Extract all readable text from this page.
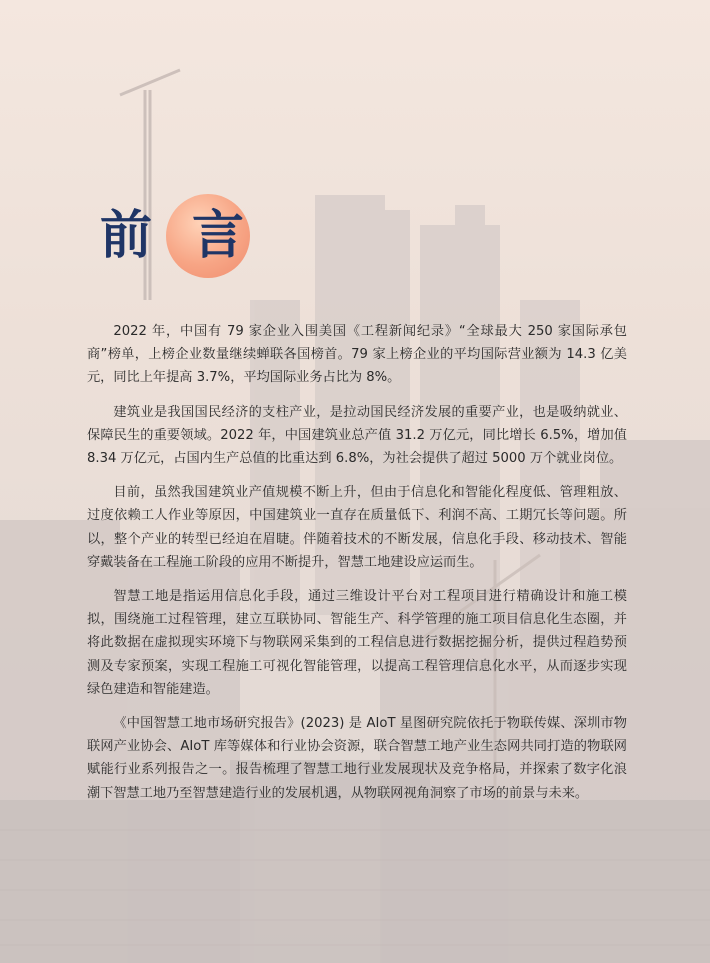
前 言

2022 年，中国有 79 家企业入围美国《工程新闻纪录》“全球最大 250 家国际承包商”榜单，上榜企业数量继续蝉联各国榜首。79 家上榜企业的平均国际营业额为 14.3 亿美元，同比上年提高 3.7%，平均国际业务占比为 8%。

建筑业是我国国民经济的支柱产业，是拉动国民经济发展的重要产业，也是吸纳就业、保障民生的重要领域。2022 年，中国建筑业总产值 31.2 万亿元，同比增长 6.5%，增加值 8.34 万亿元，占国内生产总值的比重达到 6.8%，为社会提供了超过 5000 万个就业岗位。

目前，虽然我国建筑业产值规模不断上升，但由于信息化和智能化程度低、管理粗放、过度依赖工人作业等原因，中国建筑业一直存在质量低下、利润不高、工期冗长等问题。所以，整个产业的转型已经迫在眉睫。伴随着技术的不断发展，信息化手段、移动技术、智能穿戴装备在工程施工阶段的应用不断提升，智慧工地建设应运而生。

智慧工地是指运用信息化手段，通过三维设计平台对工程项目进行精确设计和施工模拟，围绕施工过程管理，建立互联协同、智能生产、科学管理的施工项目信息化生态圈，并将此数据在虚拟现实环境下与物联网采集到的工程信息进行数据挖掘分析，提供过程趋势预测及专家预案，实现工程施工可视化智能管理，以提高工程管理信息化水平，从而逐步实现绿色建造和智能建造。

《中国智慧工地市场研究报告》(2023) 是 AIoT 星图研究院依托于物联传媒、深圳市物联网产业协会、AIoT 库等媒体和行业协会资源，联合智慧工地产业生态网共同打造的物联网赋能行业系列报告之一。报告梳理了智慧工地行业发展现状及竞争格局，并探索了数字化浪潮下智慧工地乃至智慧建造行业的发展机遇，从物联网视角洞察了市场的前景与未来。
